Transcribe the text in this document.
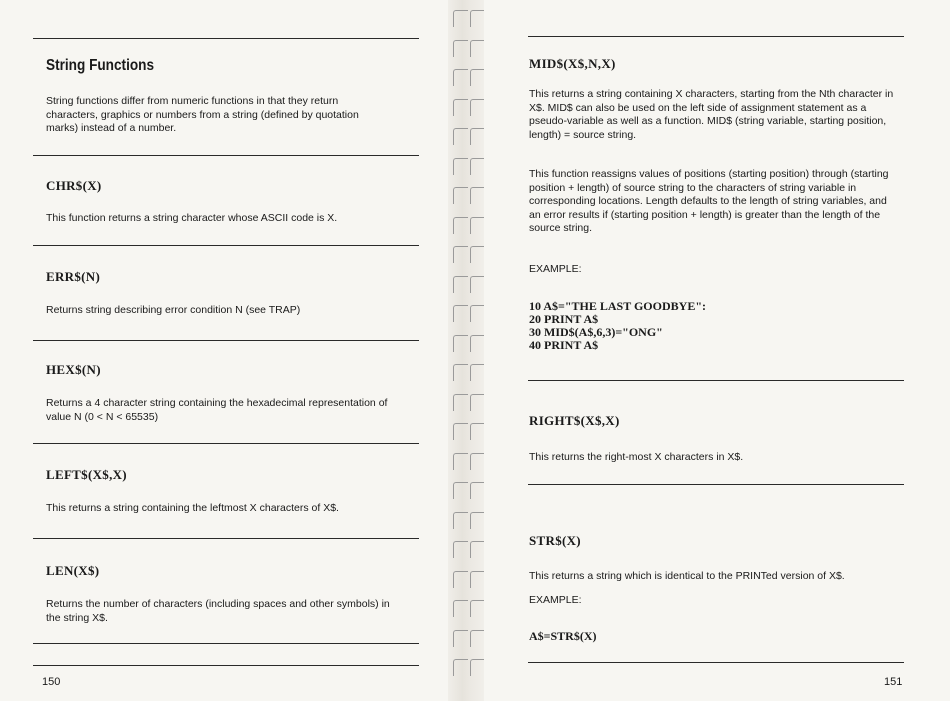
String Functions
String functions differ from numeric functions in that they return characters, graphics or numbers from a string (defined by quotation marks) instead of a number.
CHR$(X)
This function returns a string character whose ASCII code is X.
ERR$(N)
Returns string describing error condition N (see TRAP)
HEX$(N)
Returns a 4 character string containing the hexadecimal representation of value N (0 < N < 65535)
LEFT$(X$,X)
This returns a string containing the leftmost X characters of X$.
LEN(X$)
Returns the number of characters (including spaces and other symbols) in the string X$.
150
MID$(X$,N,X)
This returns a string containing X characters, starting from the Nth character in X$. MID$ can also be used on the left side of assignment statement as a pseudo-variable as well as a function. MID$ (string variable, starting position, length) = source string.
This function reassigns values of positions (starting position) through (starting position + length) of source string to the characters of string variable in corresponding locations. Length defaults to the length of string variables, and an error results if (starting position + length) is greater than the length of the source string.
EXAMPLE:
10 A$="THE LAST GOODBYE":
20 PRINT A$
30 MID$(A$,6,3)="ONG"
40 PRINT A$
RIGHT$(X$,X)
This returns the right-most X characters in X$.
STR$(X)
This returns a string which is identical to the PRINTed version of X$.
EXAMPLE:
A$=STR$(X)
151
